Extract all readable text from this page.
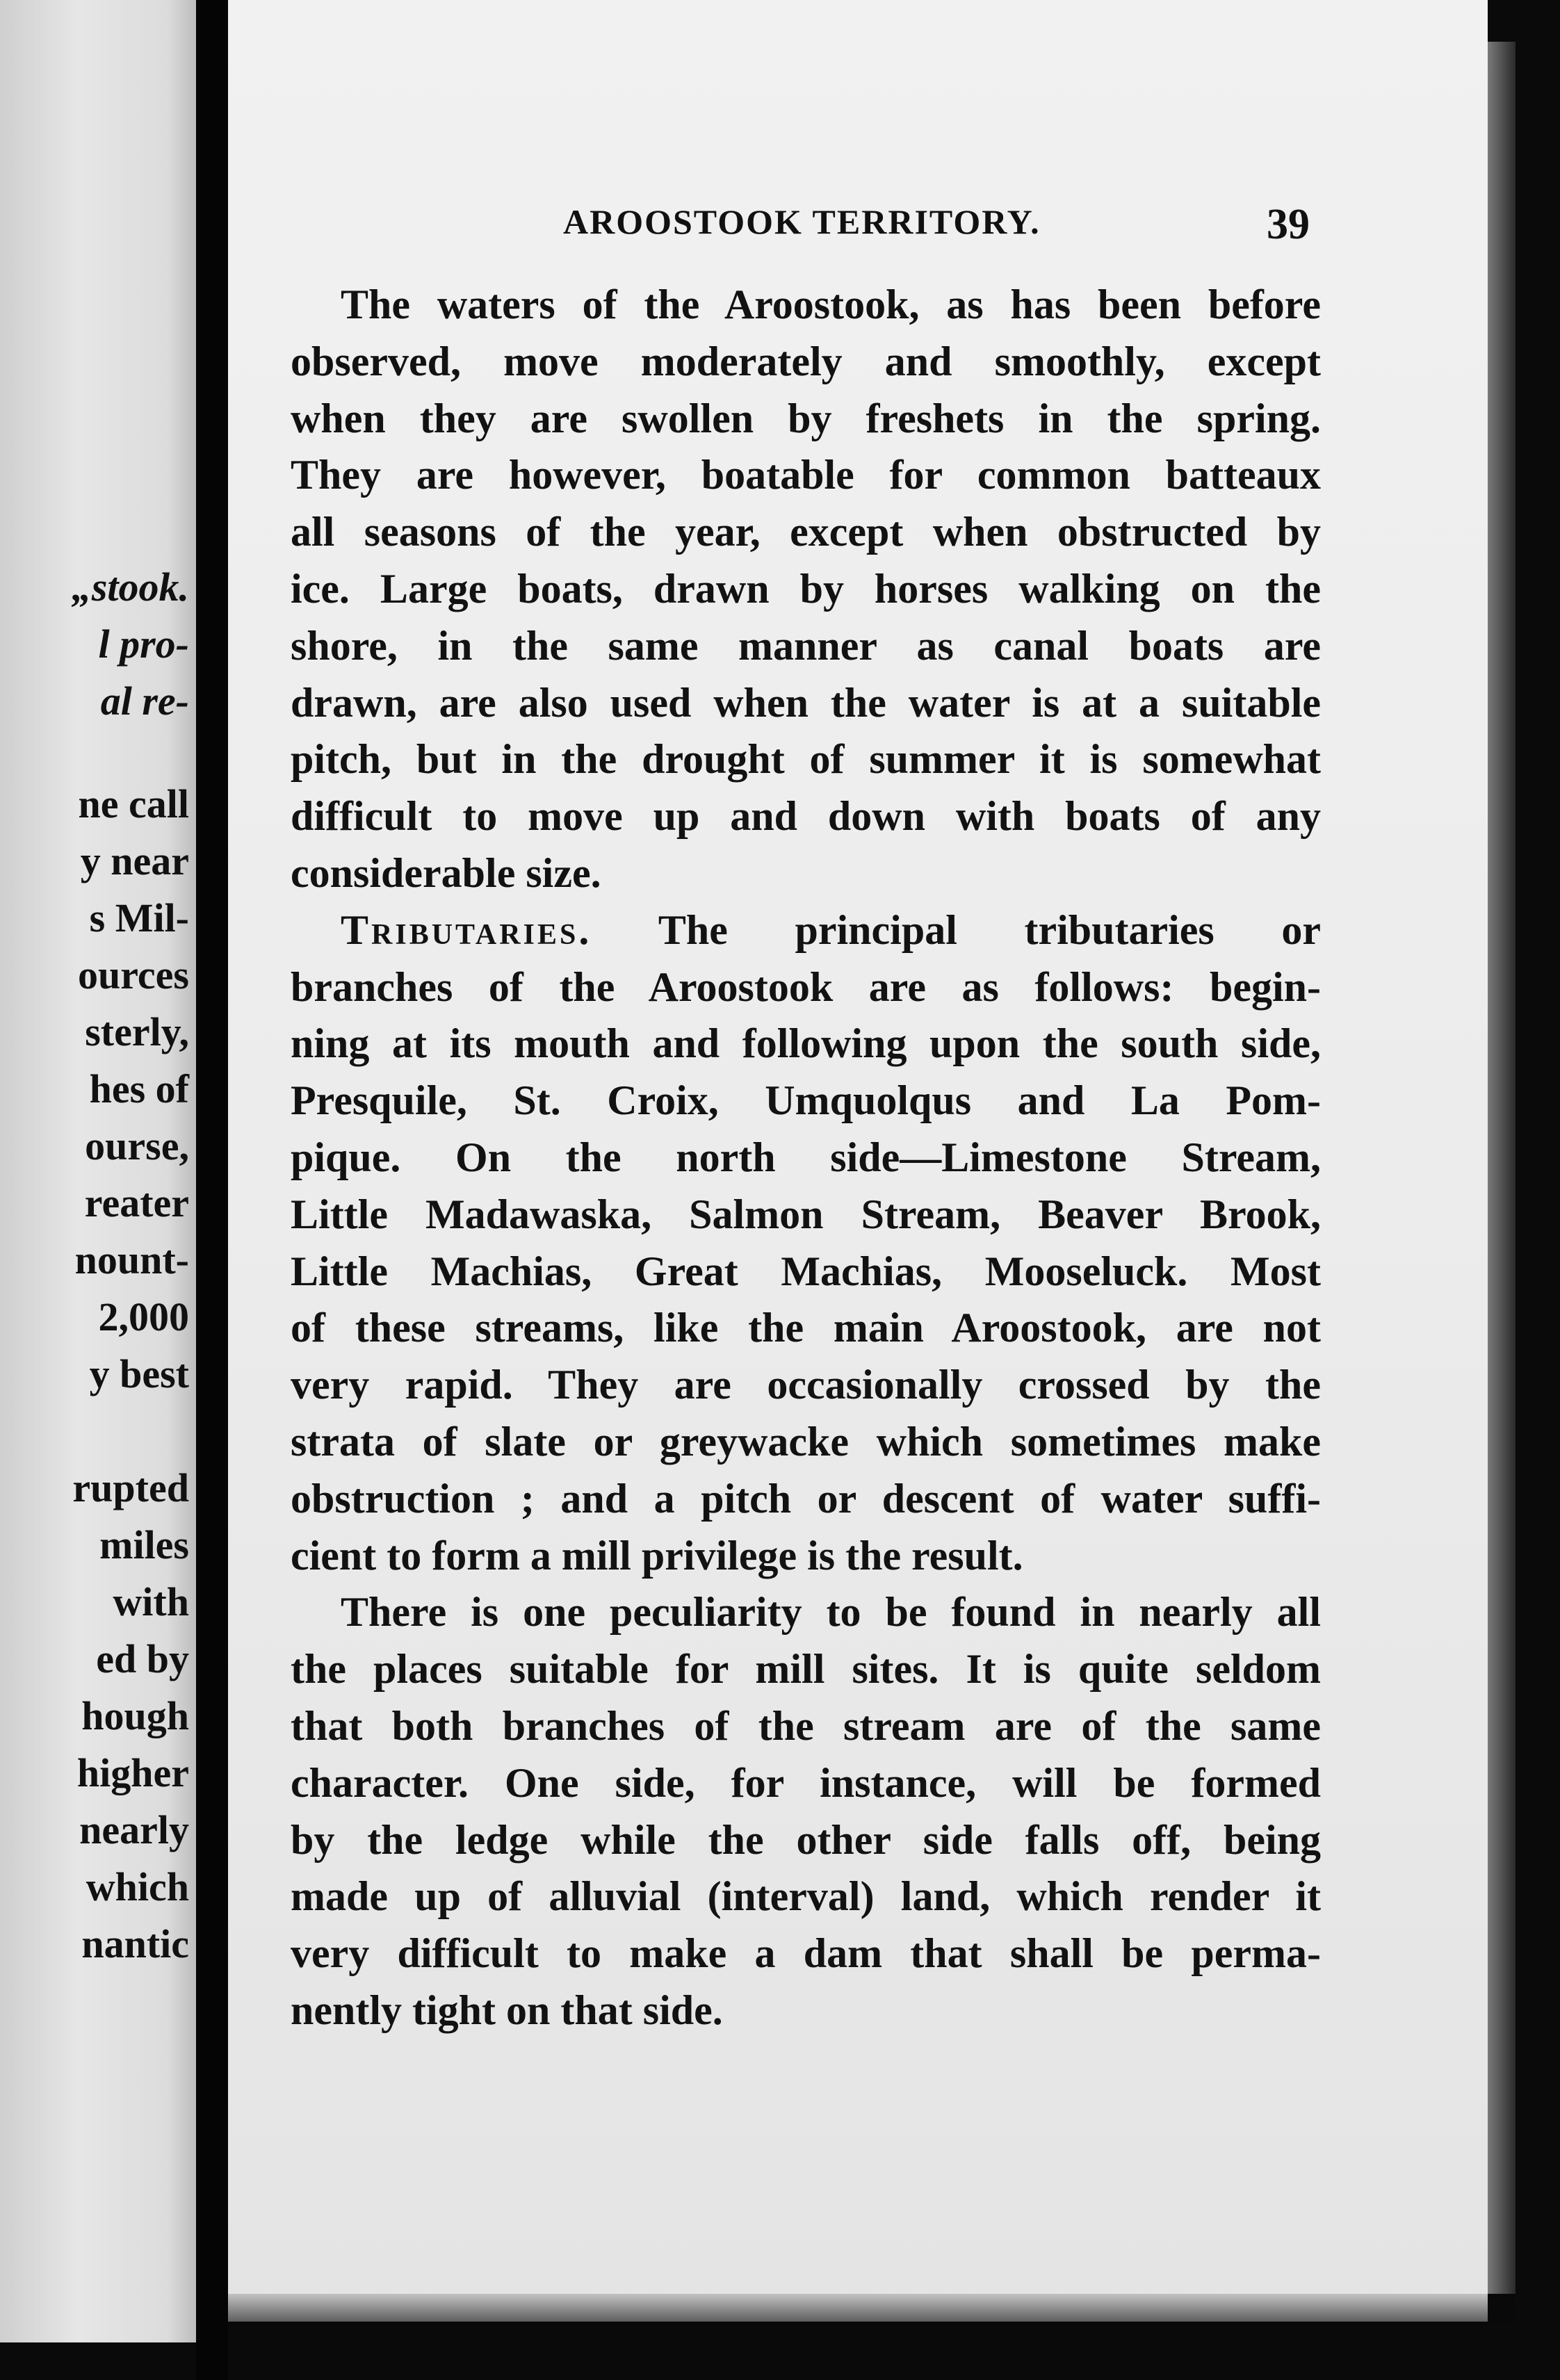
„stook.

l pro-

al re-

ne call

y near

s Mil-

ources

sterly,

hes of

ourse,

reater

nount-

2,000

y best

rupted

miles

with

ed by

hough

higher

nearly

which

nantic

AROOSTOOK TERRITORY.	39

The waters of the Aroostook, as has been before

observed, move moderately and smoothly, except

when they are swollen by freshets in the spring.

They are however, boatable for common batteaux

all seasons of the year, except when obstructed by

ice. Large boats, drawn by horses walking on the

shore, in the same manner as canal boats are

drawn, are also used when the water is at a suitable

pitch, but in the drought of summer it is somewhat

difficult to move up and down with boats of any

considerable size.

Tributaries. The principal tributaries or

branches of the Aroostook are as follows: begin-

ning at its mouth and following upon the south side,

Presquile, St. Croix, Umquolqus and La Pom-

pique. On the north side—Limestone Stream,

Little Madawaska, Salmon Stream, Beaver Brook,

Little Machias, Great Machias, Mooseluck. Most

of these streams, like the main Aroostook, are not

very rapid. They are occasionally crossed by the

strata of slate or greywacke which sometimes make

obstruction ; and a pitch or descent of water suffi-

cient to form a mill privilege is the result.

There is one peculiarity to be found in nearly all

the places suitable for mill sites. It is quite seldom

that both branches of the stream are of the same

character. One side, for instance, will be formed

by the ledge while the other side falls off, being

made up of alluvial (interval) land, which render it

very difficult to make a dam that shall be perma-

nently tight on that side.
